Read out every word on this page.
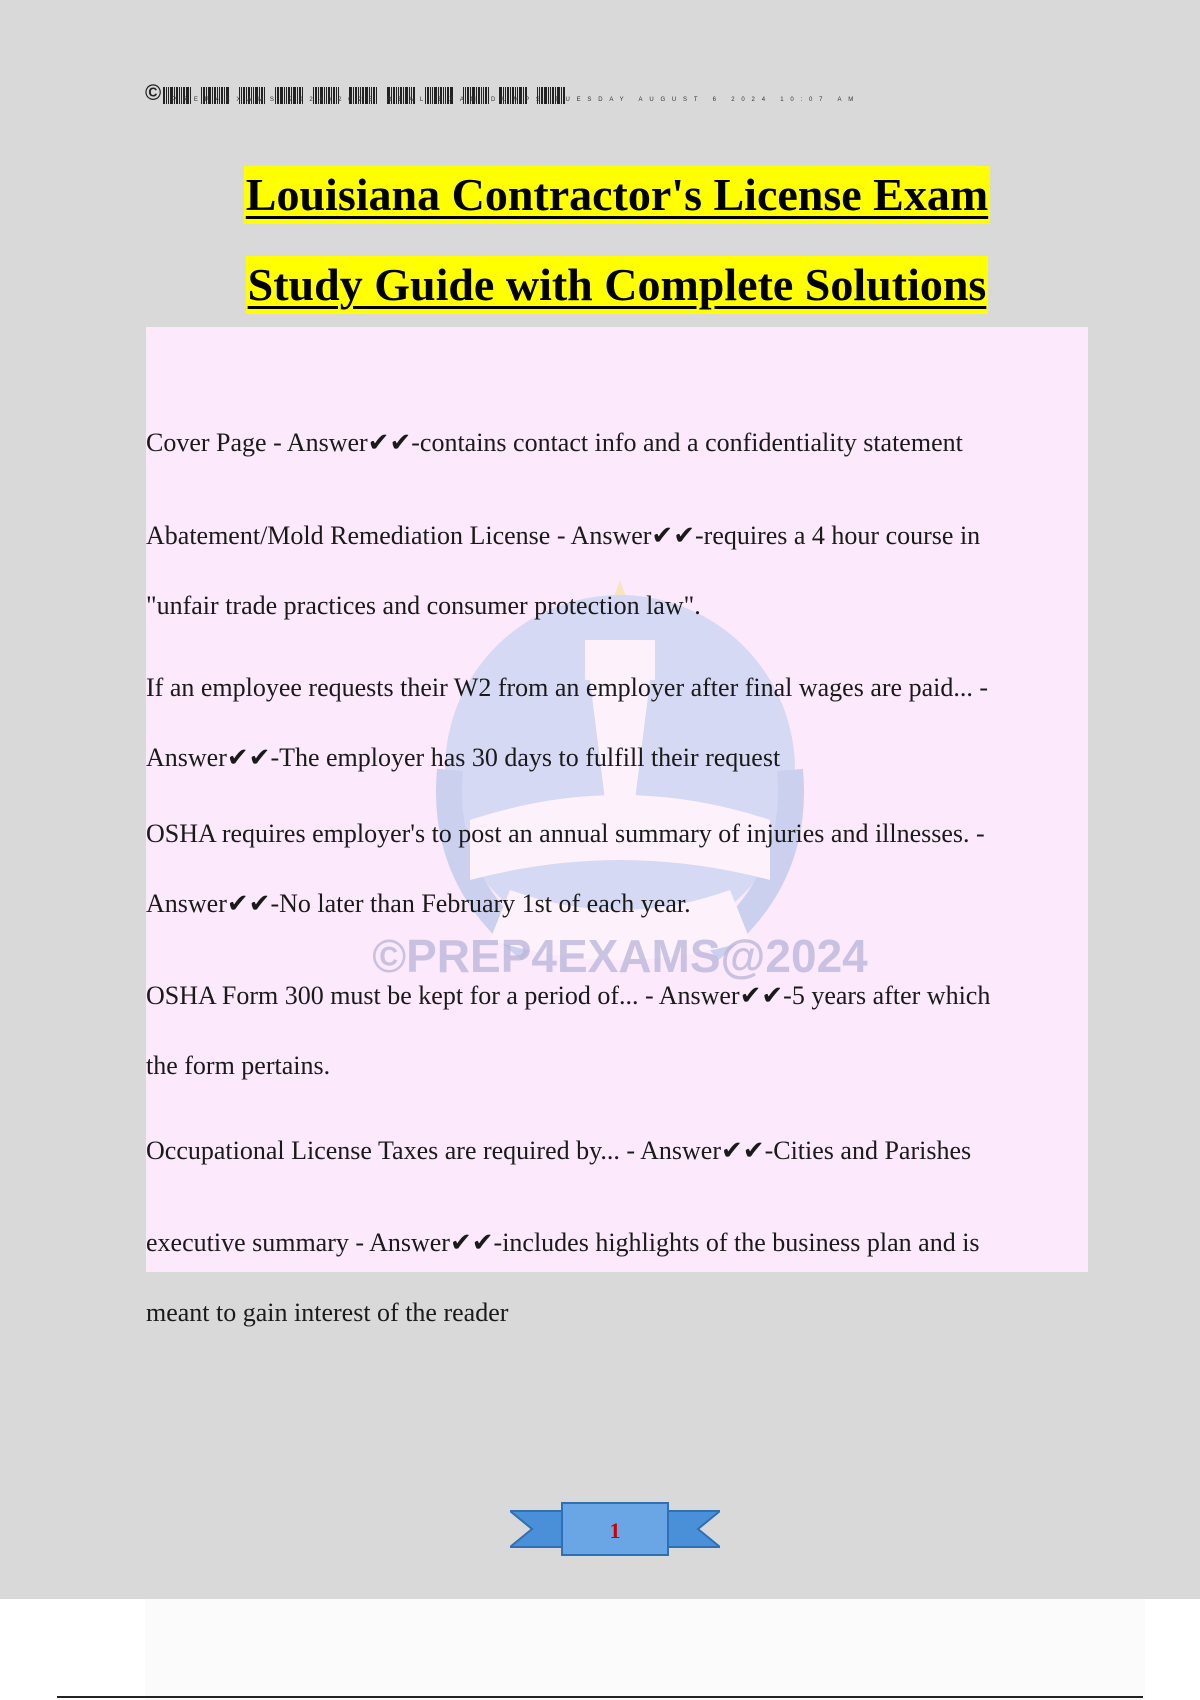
© PREP4EXAMS 2024/2025 REAL EXAM DUMPS TUESDAY AUGUST 6 2024 10:07 AM
Louisiana Contractor's License Exam
Study Guide with Complete Solutions
©PREP4EXAMS@2024
Cover Page - Answer✔✔-contains contact info and a confidentiality statement
Abatement/Mold Remediation License - Answer✔✔-requires a 4 hour course in
"unfair trade practices and consumer protection law".
If an employee requests their W2 from an employer after final wages are paid... -
Answer✔✔-The employer has 30 days to fulfill their request
OSHA requires employer's to post an annual summary of injuries and illnesses. -
Answer✔✔-No later than February 1st of each year.
OSHA Form 300 must be kept for a period of... - Answer✔✔-5 years after which
the form pertains.
Occupational License Taxes are required by... - Answer✔✔-Cities and Parishes
executive summary - Answer✔✔-includes highlights of the business plan and is
meant to gain interest of the reader
1
